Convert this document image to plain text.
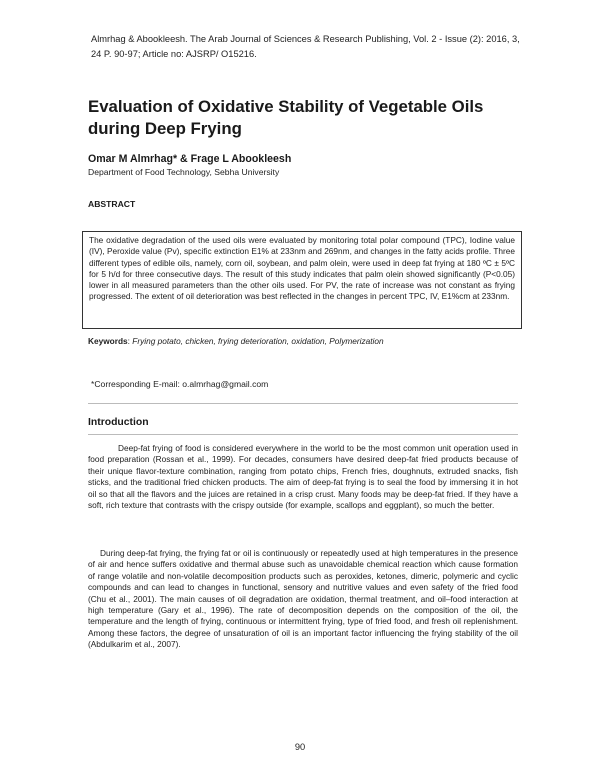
Almrhag & Abookleesh. The Arab Journal of Sciences & Research Publishing, Vol. 2 - Issue (2): 2016, 3, 24 P. 90-97; Article no: AJSRP/ O15216.
Evaluation of Oxidative Stability of Vegetable Oils during Deep Frying
Omar M Almrhag* & Frage L Abookleesh
Department of Food Technology, Sebha University
ABSTRACT

The oxidative degradation of the used oils were evaluated by monitoring total polar compound (TPC), Iodine value (IV), Peroxide value (Pv), specific extinction E1% at 233nm and 269nm, and changes in the fatty acids profile. Three different types of edible oils, namely, corn oil, soybean, and palm olein, were used in deep fat frying at 180 ºC ± 5ºC for 5 h/d for three consecutive days. The result of this study indicates that palm olein showed significantly (P<0.05) lower in all measured parameters than the other oils used. For PV, the rate of increase was not constant as frying progressed. The extent of oil deterioration was best reflected in the changes in percent TPC, IV, E1%cm at 233nm.

Keywords: Frying potato, chicken, frying deterioration, oxidation, Polymerization
*Corresponding E-mail: o.almrhag@gmail.com
Introduction

Deep-fat frying of food is considered everywhere in the world to be the most common unit operation used in food preparation (Rossan et al., 1999). For decades, consumers have desired deep-fat fried products because of their unique flavor-texture combination, ranging from potato chips, French fries, doughnuts, extruded snacks, fish sticks, and the traditional fried chicken products. The aim of deep-fat frying is to seal the food by immersing it in hot oil so that all the flavors and the juices are retained in a crisp crust. Many foods may be deep-fat fried. If they have a soft, rich texture that contrasts with the crispy outside (for example, scallops and eggplant), so much the better.

During deep-fat frying, the frying fat or oil is continuously or repeatedly used at high temperatures in the presence of air and hence suffers oxidative and thermal abuse such as unavoidable chemical reaction which cause formation of range volatile and non-volatile decomposition products such as peroxides, ketones, dimeric, polymeric and cyclic compounds and can lead to changes in functional, sensory and nutritive values and even safety of the fried food (Chu et al., 2001). The main causes of oil degradation are oxidation, thermal treatment, and oil–food interaction at high temperature (Gary et al., 1996). The rate of decomposition depends on the composition of the oil, the temperature and the length of frying, continuous or intermittent frying, type of fried food, and fresh oil replenishment. Among these factors, the degree of unsaturation of oil is an important factor influencing the frying stability of the oil (Abdulkarim et al., 2007).

90
